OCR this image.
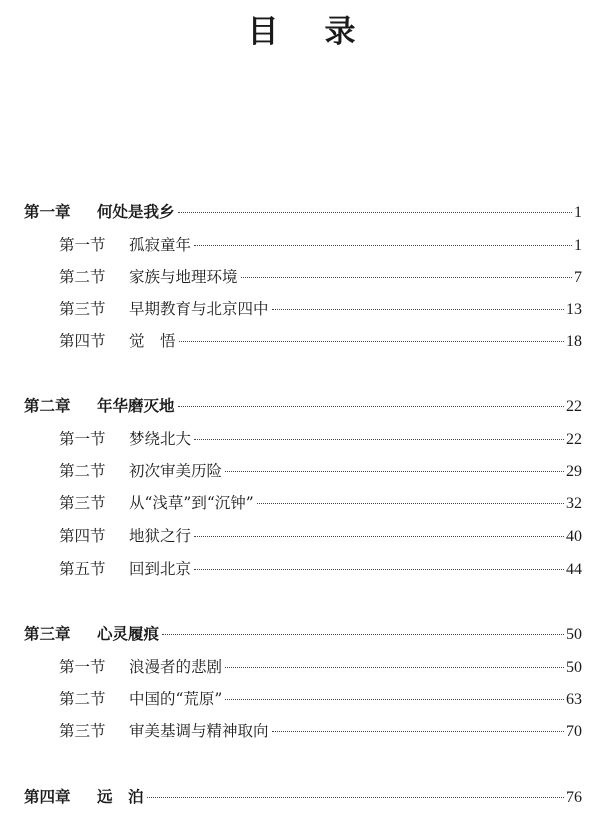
目 录
第一章	何处是我乡	1
第一节	孤寂童年	1
第二节	家族与地理环境	7
第三节	早期教育与北京四中	13
第四节	觉　悟	18
第二章	年华磨灭地	22
第一节	梦绕北大	22
第二节	初次审美历险	29
第三节	从“浅草”到“沉钟”	32
第四节	地狱之行	40
第五节	回到北京	44
第三章	心灵履痕	50
第一节	浪漫者的悲剧	50
第二节	中国的“荒原”	63
第三节	审美基调与精神取向	70
第四章	远　泊	76
